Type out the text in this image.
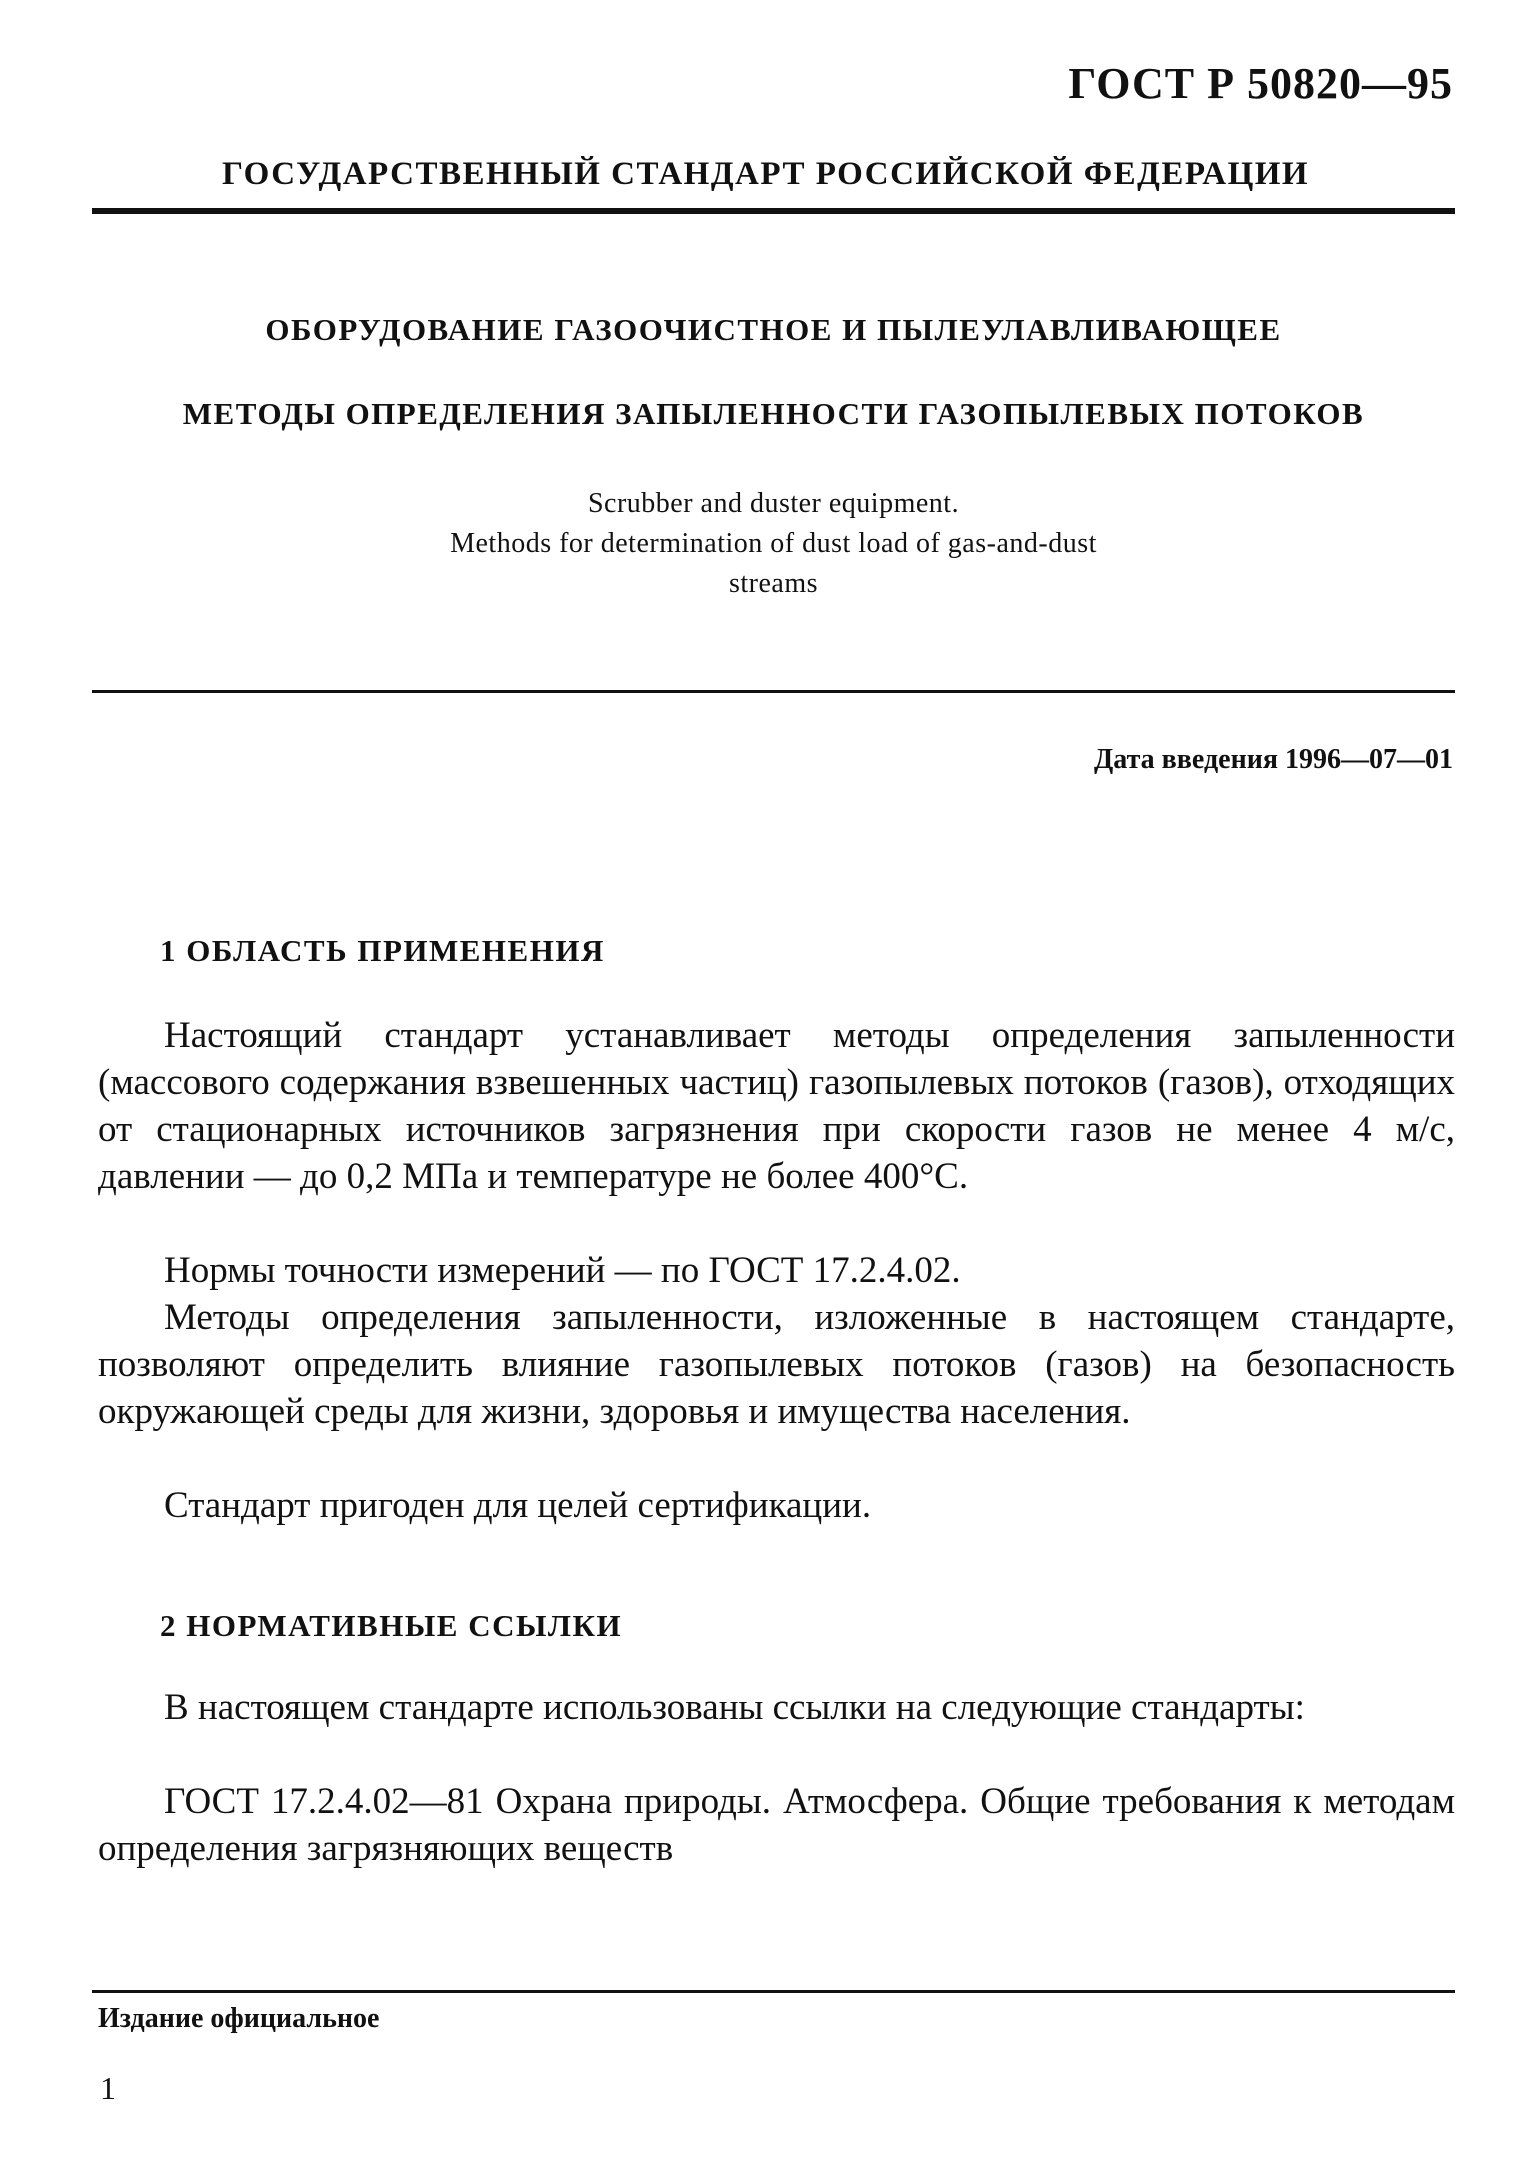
ГОСТ Р 50820—95
ГОСУДАРСТВЕННЫЙ СТАНДАРТ РОССИЙСКОЙ ФЕДЕРАЦИИ
ОБОРУДОВАНИЕ ГАЗООЧИСТНОЕ И ПЫЛЕУЛАВЛИВАЮЩЕЕ
МЕТОДЫ ОПРЕДЕЛЕНИЯ ЗАПЫЛЕННОСТИ ГАЗОПЫЛЕВЫХ ПОТОКОВ
Scrubber and duster equipment.
Methods for determination of dust load of gas-and-dust
streams
Дата введения 1996—07—01
1 ОБЛАСТЬ ПРИМЕНЕНИЯ

Настоящий стандарт устанавливает методы определения запыленности (массового содержания взвешенных частиц) газопылевых потоков (газов), отходящих от стационарных источников загрязнения при скорости газов не менее 4 м/с, давлении — до 0,2 МПа и температуре не более 400°С.

Нормы точности измерений — по ГОСТ 17.2.4.02.

Методы определения запыленности, изложенные в настоящем стандарте, позволяют определить влияние газопылевых потоков (газов) на безопасность окружающей среды для жизни, здоровья и имущества населения.

Стандарт пригоден для целей сертификации.

2 НОРМАТИВНЫЕ ССЫЛКИ

В настоящем стандарте использованы ссылки на следующие стандарты:

ГОСТ 17.2.4.02—81 Охрана природы. Атмосфера. Общие требования к методам определения загрязняющих веществ

Издание официальное
1
